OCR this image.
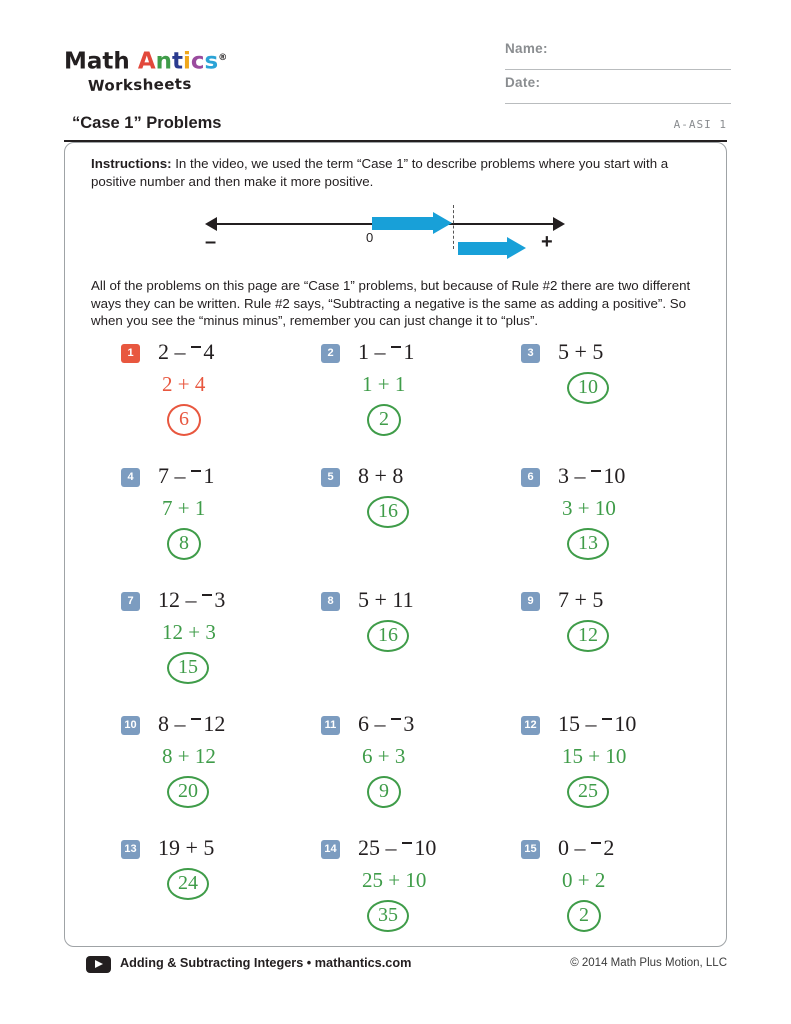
Math Antics®
Worksheets
Name:
Date:
“Case 1” Problems	A-ASI 1
Instructions: In the video, we used the term “Case 1” to describe problems where you start with a positive number and then make it more positive.
–	+
0
All of the problems on this page are “Case 1” problems, but because of Rule #2 there are two different ways they can be written. Rule #2 says, “Subtracting a negative is the same as adding a positive”. So when you see the “minus minus”, remember you can just change it to “plus”.
1 2 –
4
2 + 4
6
2 1 –
1
1 + 1
2
3 5 + 5
10
4 7 –
1
7 + 1
8
5 8 + 8
16
6 3 –
10
3 + 10
13
7 12 –
3
12 + 3
15
8 5 + 11
16
9 7 + 5
12
10 8 –
12
8 + 12
20
11 6 –
3
6 + 3
9
12 15 –
10
15 + 10
25
13 19 + 5
24
14 25 –
10
25 + 10
35
15 0 –
2
0 + 2
2
Adding & Subtracting Integers • mathantics.com	© 2014 Math Plus Motion, LLC
